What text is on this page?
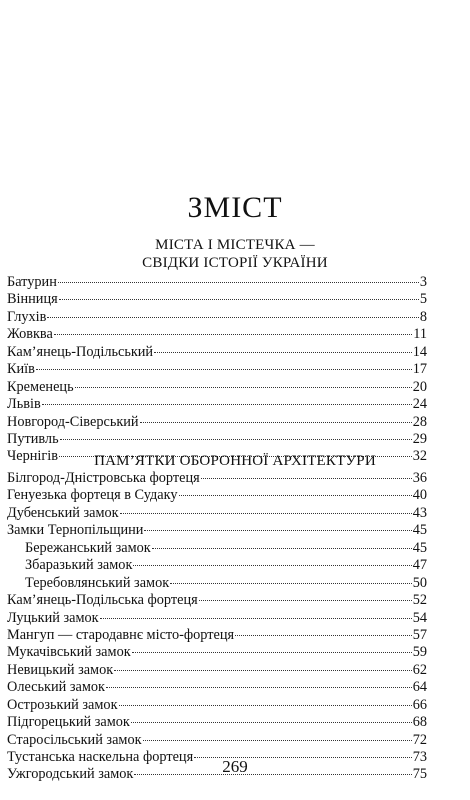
ЗМІСТ
МІСТА І МІСТЕЧКА —
СВІДКИ ІСТОРІЇ УКРАЇНИ
Батурин	3
Вінниця	5
Глухів	8
Жовква	11
Кам’янець-Подільський	14
Київ	17
Кременець	20
Львів	24
Новгород-Сіверський	28
Путивль	29
Чернігів	32
ПАМ’ЯТКИ ОБОРОННОЇ АРХІТЕКТУРИ
Білгород-Дністровська фортеця	36
Генуезька фортеця в Судаку	40
Дубенський замок	43
Замки Тернопільщини	45
Бережанський замок	45
Збаразький замок	47
Теребовлянський замок	50
Кам’янець-Подільська фортеця	52
Луцький замок	54
Мангуп — стародавнє місто-фортеця	57
Мукачівський замок	59
Невицький замок	62
Олеський замок	64
Острозький замок	66
Підгорецький замок	68
Старосільський замок	72
Тустанська наскельна фортеця	73
Ужгородський замок	75
269
